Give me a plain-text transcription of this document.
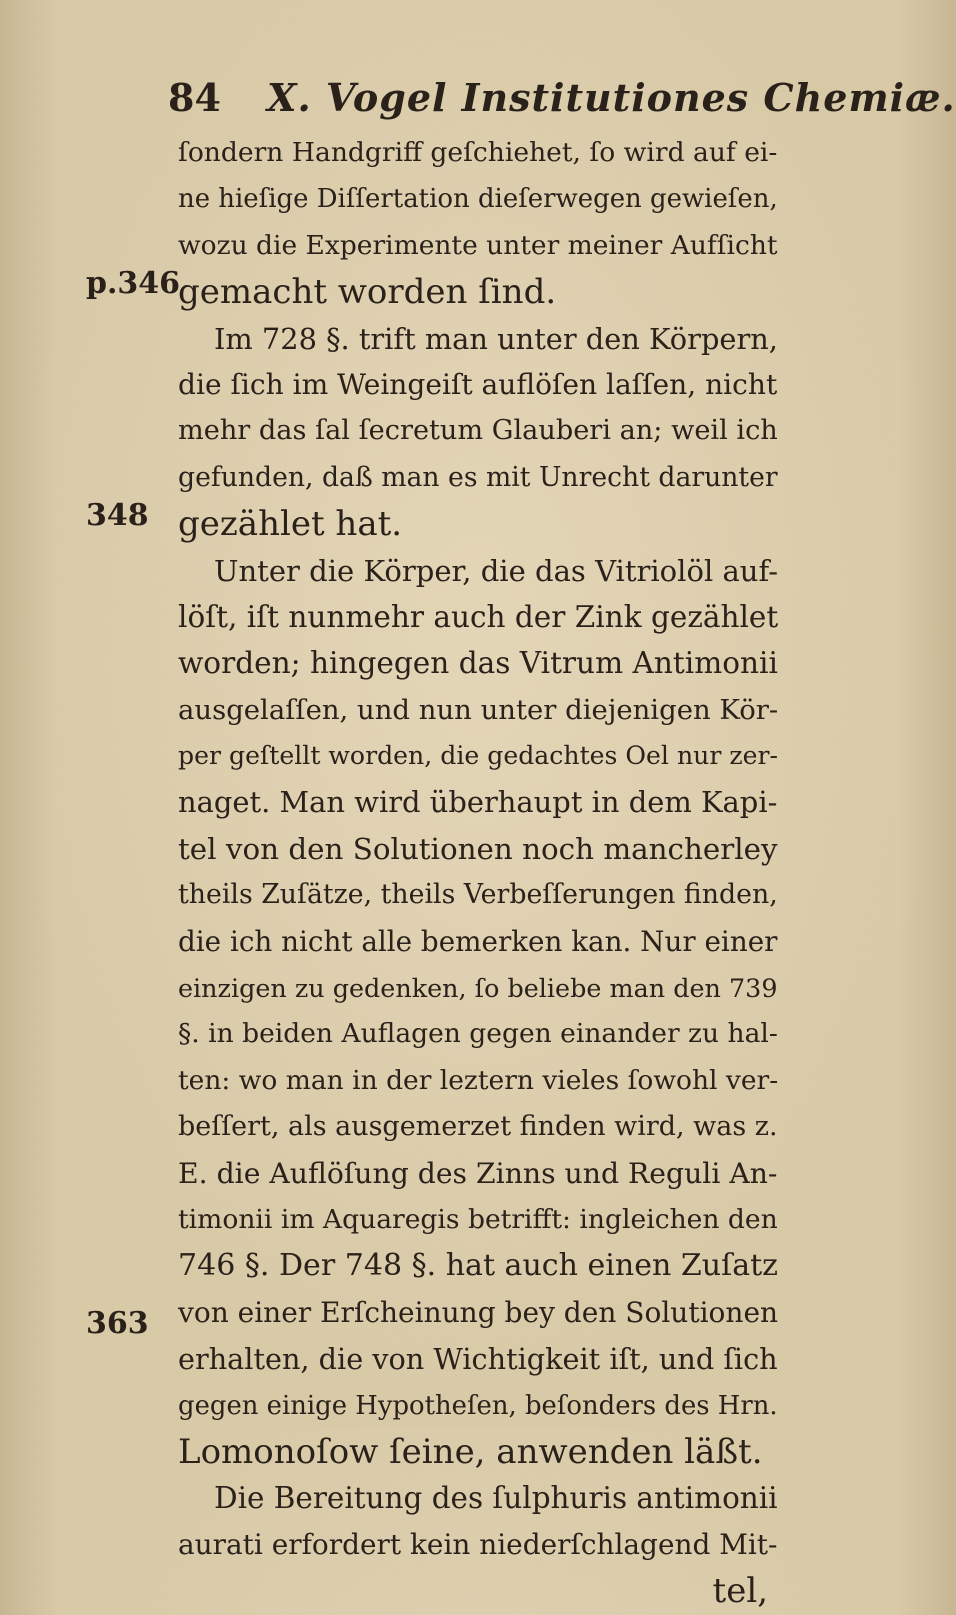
84 X. Vogel Institutiones Chemiæ.
p.346
348
363
ſondern Handgriff geſchiehet, ſo wird auf ei-
ne hieſige Diſſertation dieſerwegen gewieſen,
wozu die Experimente unter meiner Aufſicht
gemacht worden ſind.
Im 728 §. trift man unter den Körpern,
die ſich im Weingeiſt auflöſen laſſen, nicht
mehr das ſal ſecretum Glauberi an; weil ich
gefunden, daß man es mit Unrecht darunter
gezählet hat.
Unter die Körper, die das Vitriolöl auf-
löſt, iſt nunmehr auch der Zink gezählet
worden; hingegen das Vitrum Antimonii
ausgelaſſen, und nun unter diejenigen Kör-
per geſtellt worden, die gedachtes Oel nur zer-
naget. Man wird überhaupt in dem Kapi-
tel von den Solutionen noch mancherley
theils Zuſätze, theils Verbeſſerungen finden,
die ich nicht alle bemerken kan. Nur einer
einzigen zu gedenken, ſo beliebe man den 739
§. in beiden Auflagen gegen einander zu hal-
ten: wo man in der leztern vieles ſowohl ver-
beſſert, als ausgemerzet finden wird, was z.
E. die Auflöſung des Zinns und Reguli An-
timonii im Aquaregis betrifft: ingleichen den
746 §. Der 748 §. hat auch einen Zuſatz
von einer Erſcheinung bey den Solutionen
erhalten, die von Wichtigkeit iſt, und ſich
gegen einige Hypotheſen, beſonders des Hrn.
Lomonoſow ſeine, anwenden läßt.
Die Bereitung des ſulphuris antimonii
aurati erfordert kein niederſchlagend Mit-
tel,
